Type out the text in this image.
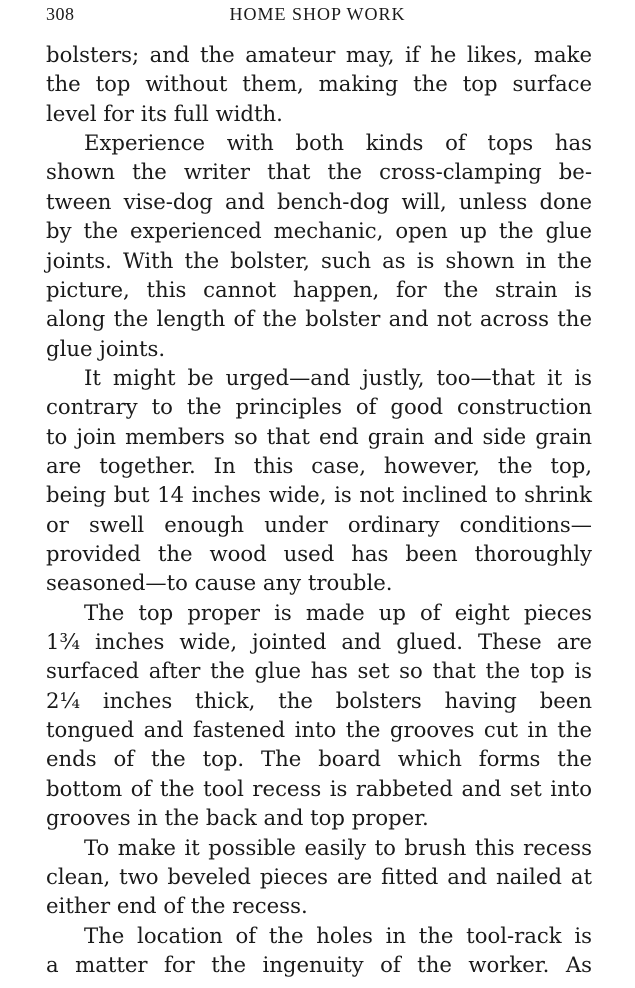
308	HOME SHOP WORK
bolsters; and the amateur may, if he likes, make
the top without them, making the top surface
level for its full width.
Experience with both kinds of tops has
shown the writer that the cross-clamping be-
tween vise-dog and bench-dog will, unless done
by the experienced mechanic, open up the glue
joints. With the bolster, such as is shown in the
picture, this cannot happen, for the strain is
along the length of the bolster and not across the
glue joints.
It might be urged—and justly, too—that it is
contrary to the principles of good construction
to join members so that end grain and side grain
are together. In this case, however, the top,
being but 14 inches wide, is not inclined to shrink
or swell enough under ordinary conditions—
provided the wood used has been thoroughly
seasoned—to cause any trouble.
The top proper is made up of eight pieces
1¾ inches wide, jointed and glued. These are
surfaced after the glue has set so that the top is
2¼ inches thick, the bolsters having been
tongued and fastened into the grooves cut in the
ends of the top. The board which forms the
bottom of the tool recess is rabbeted and set into
grooves in the back and top proper.
To make it possible easily to brush this recess
clean, two beveled pieces are fitted and nailed at
either end of the recess.
The location of the holes in the tool-rack is
a matter for the ingenuity of the worker. As
